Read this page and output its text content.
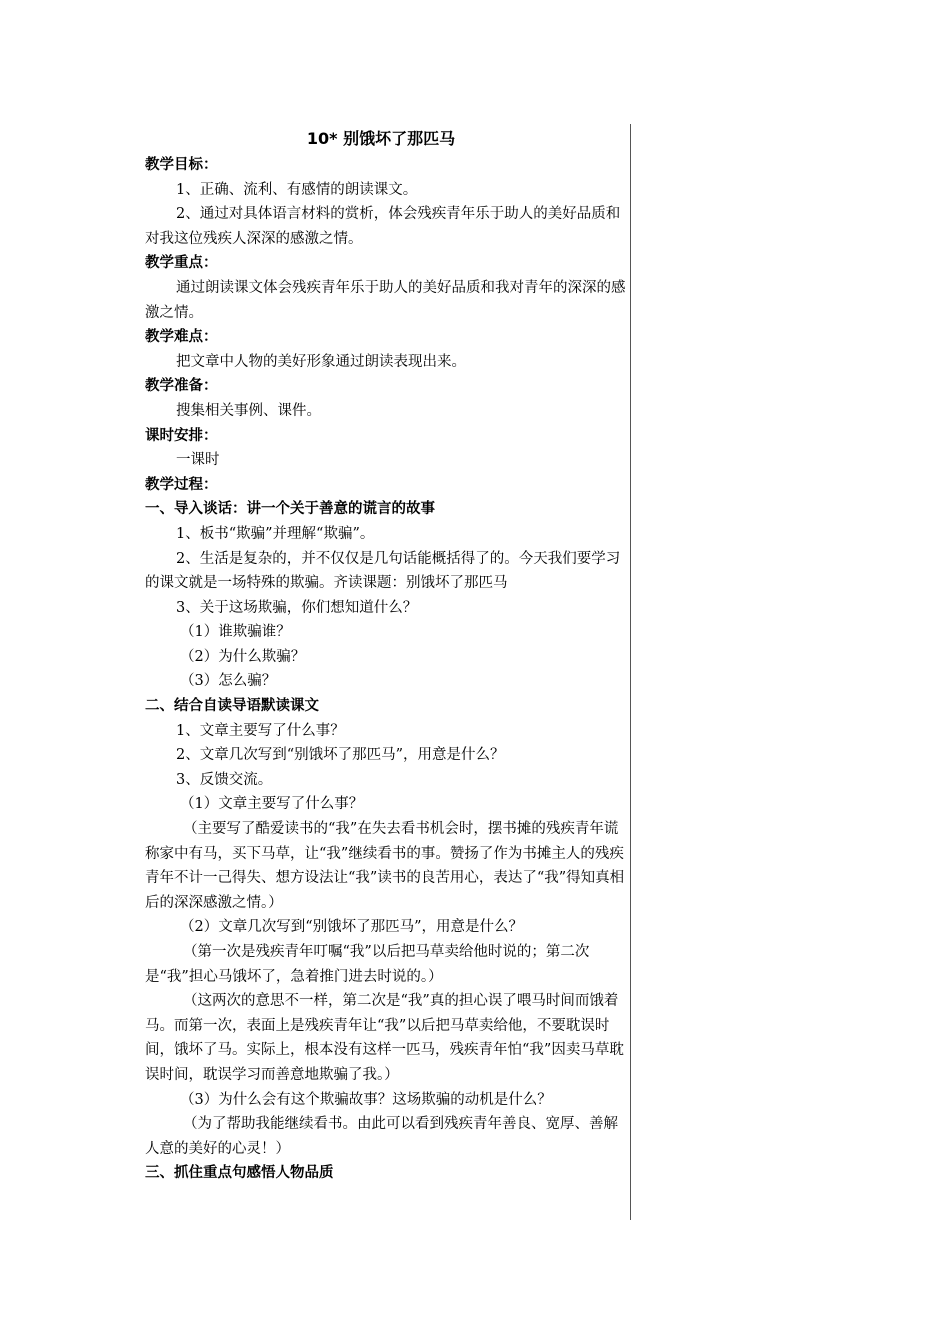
10* 别饿坏了那匹马

教学目标：

1、正确、流利、有感情的朗读课文。

2、通过对具体语言材料的赏析，体会残疾青年乐于助人的美好品质和对我这位残疾人深深的感激之情。

教学重点：

通过朗读课文体会残疾青年乐于助人的美好品质和我对青年的深深的感激之情。

教学难点：

把文章中人物的美好形象通过朗读表现出来。

教学准备：

搜集相关事例、课件。

课时安排：

一课时

教学过程：

一、导入谈话：讲一个关于善意的谎言的故事

1、板书“欺骗”并理解“欺骗”。

2、生活是复杂的，并不仅仅是几句话能概括得了的。今天我们要学习的课文就是一场特殊的欺骗。齐读课题：别饿坏了那匹马

3、关于这场欺骗，你们想知道什么？

（1）谁欺骗谁？

（2）为什么欺骗？

（3）怎么骗？

二、结合自读导语默读课文

1、文章主要写了什么事？

2、文章几次写到“别饿坏了那匹马”，用意是什么？

3、反馈交流。

（1）文章主要写了什么事？

（主要写了酷爱读书的“我”在失去看书机会时，摆书摊的残疾青年谎称家中有马，买下马草，让“我”继续看书的事。赞扬了作为书摊主人的残疾青年不计一己得失、想方设法让“我”读书的良苦用心，表达了“我”得知真相后的深深感激之情。）

（2）文章几次写到“别饿坏了那匹马”，用意是什么？

（第一次是残疾青年叮嘱“我”以后把马草卖给他时说的；第二次是“我”担心马饿坏了，急着推门进去时说的。）

（这两次的意思不一样，第二次是“我”真的担心误了喂马时间而饿着马。而第一次，表面上是残疾青年让“我”以后把马草卖给他，不要耽误时间，饿坏了马。实际上，根本没有这样一匹马，残疾青年怕“我”因卖马草耽误时间，耽误学习而善意地欺骗了我。）

（3）为什么会有这个欺骗故事？这场欺骗的动机是什么？

（为了帮助我能继续看书。由此可以看到残疾青年善良、宽厚、善解人意的美好的心灵！）

三、抓住重点句感悟人物品质
